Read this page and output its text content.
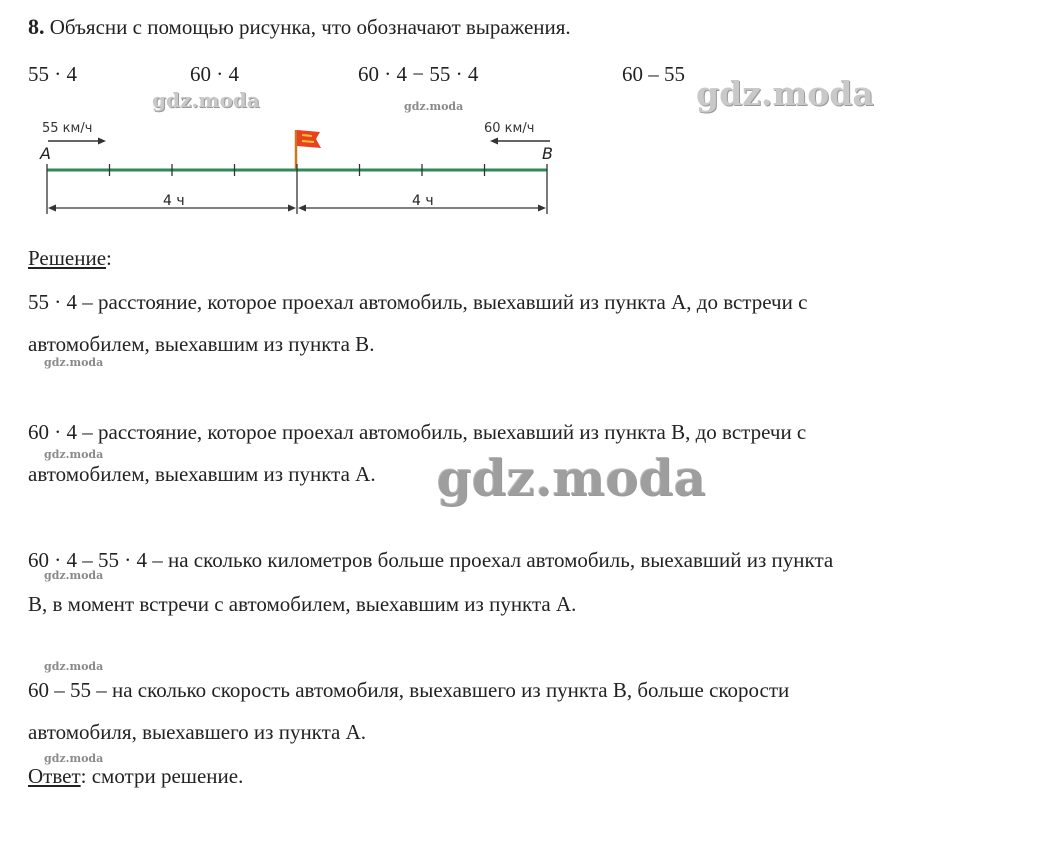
8. Объясни с помощью рисунка, что обозначают выражения.
55 · 4	60 · 4	60 · 4 − 55 · 4	60 – 55
55 км/ч	60 км/ч
A	B
4 ч	4 ч
Решение:
55 · 4 – расстояние, которое проехал автомобиль, выехавший из пункта А, до встречи с
автомобилем, выехавшим из пункта В.
60 · 4 – расстояние, которое проехал автомобиль, выехавший из пункта В, до встречи с
автомобилем, выехавшим из пункта А.
60 · 4 – 55 · 4 – на сколько километров больше проехал автомобиль, выехавший из пункта
В, в момент встречи с автомобилем, выехавшим из пункта А.
60 – 55 – на сколько скорость автомобиля, выехавшего из пункта В, больше скорости
автомобиля, выехавшего из пункта А.
Ответ: смотри решение.
gdz.moda
gdz.moda
gdz.moda	gdz.moda
gdz.moda
gdz.moda
gdz.moda
gdz.moda
gdz.moda
